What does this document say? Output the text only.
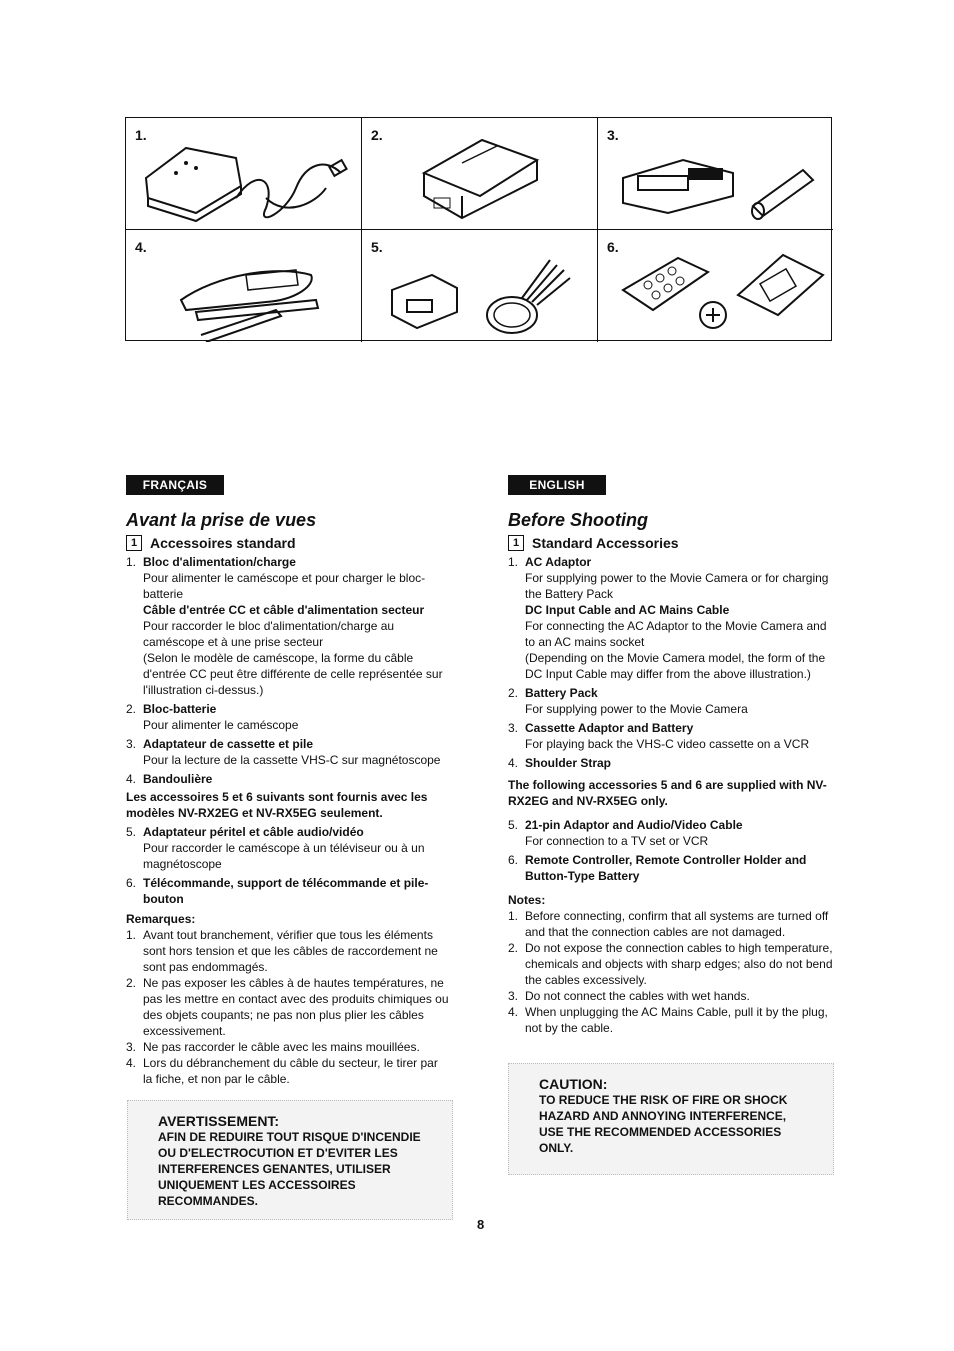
1.	2.	3.
4.	5.	6.
FRANÇAIS
Avant la prise de vues
1 Accessoires standard
1. Bloc d'alimentation/charge
Pour alimenter le caméscope et pour charger le bloc-batterie
Câble d'entrée CC et câble d'alimentation secteur
Pour raccorder le bloc d'alimentation/charge au caméscope et à une prise secteur
(Selon le modèle de caméscope, la forme du câble d'entrée CC peut être différente de celle représentée sur l'illustration ci-dessus.)
2. Bloc-batterie
Pour alimenter le caméscope
3. Adaptateur de cassette et pile
Pour la lecture de la cassette VHS-C sur magnétoscope
4. Bandoulière
Les accessoires 5 et 6 suivants sont fournis avec les modèles NV-RX2EG et NV-RX5EG seulement.
5. Adaptateur péritel et câble audio/vidéo
Pour raccorder le caméscope à un téléviseur ou à un magnétoscope
6. Télécommande, support de télécommande et pile-bouton
Remarques:
1. Avant tout branchement, vérifier que tous les éléments sont hors tension et que les câbles de raccordement ne sont pas endommagés.
2. Ne pas exposer les câbles à de hautes températures, ne pas les mettre en contact avec des produits chimiques ou des objets coupants; ne pas non plus plier les câbles excessivement.
3. Ne pas raccorder le câble avec les mains mouillées.
4. Lors du débranchement du câble du secteur, le tirer par la fiche, et non par le câble.
AVERTISSEMENT:
AFIN DE REDUIRE TOUT RISQUE D'INCENDIE OU D'ELECTROCUTION ET D'EVITER LES INTERFERENCES GENANTES, UTILISER UNIQUEMENT LES ACCESSOIRES RECOMMANDES.
ENGLISH
Before Shooting
1 Standard Accessories
1. AC Adaptor
For supplying power to the Movie Camera or for charging the Battery Pack
DC Input Cable and AC Mains Cable
For connecting the AC Adaptor to the Movie Camera and to an AC mains socket
(Depending on the Movie Camera model, the form of the DC Input Cable may differ from the above illustration.)
2. Battery Pack
For supplying power to the Movie Camera
3. Cassette Adaptor and Battery
For playing back the VHS-C video cassette on a VCR
4. Shoulder Strap
The following accessories 5 and 6 are supplied with NV-RX2EG and NV-RX5EG only.
5. 21-pin Adaptor and Audio/Video Cable
For connection to a TV set or VCR
6. Remote Controller, Remote Controller Holder and Button-Type Battery
Notes:
1. Before connecting, confirm that all systems are turned off and that the connection cables are not damaged.
2. Do not expose the connection cables to high temperature, chemicals and objects with sharp edges; also do not bend the cables excessively.
3. Do not connect the cables with wet hands.
4. When unplugging the AC Mains Cable, pull it by the plug, not by the cable.
CAUTION:
TO REDUCE THE RISK OF FIRE OR SHOCK HAZARD AND ANNOYING INTERFERENCE, USE THE RECOMMENDED ACCESSORIES ONLY.
8
